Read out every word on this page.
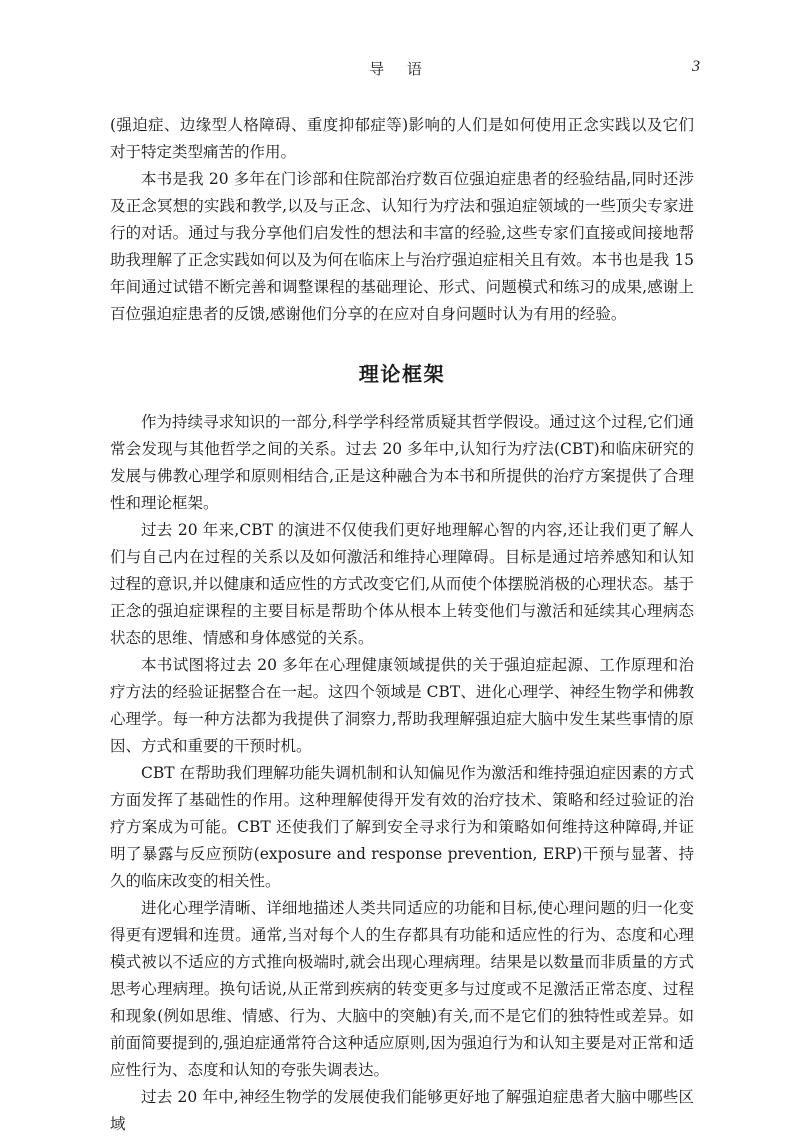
导 语	3

(强迫症、边缘型人格障碍、重度抑郁症等)影响的人们是如何使用正念实践以及它们对于特定类型痛苦的作用。

本书是我 20 多年在门诊部和住院部治疗数百位强迫症患者的经验结晶,同时还涉及正念冥想的实践和教学,以及与正念、认知行为疗法和强迫症领域的一些顶尖专家进行的对话。通过与我分享他们启发性的想法和丰富的经验,这些专家们直接或间接地帮助我理解了正念实践如何以及为何在临床上与治疗强迫症相关且有效。本书也是我 15 年间通过试错不断完善和调整课程的基础理论、形式、问题模式和练习的成果,感谢上百位强迫症患者的反馈,感谢他们分享的在应对自身问题时认为有用的经验。

理论框架

作为持续寻求知识的一部分,科学学科经常质疑其哲学假设。通过这个过程,它们通常会发现与其他哲学之间的关系。过去 20 多年中,认知行为疗法(CBT)和临床研究的发展与佛教心理学和原则相结合,正是这种融合为本书和所提供的治疗方案提供了合理性和理论框架。

过去 20 年来,CBT 的演进不仅使我们更好地理解心智的内容,还让我们更了解人们与自己内在过程的关系以及如何激活和维持心理障碍。目标是通过培养感知和认知过程的意识,并以健康和适应性的方式改变它们,从而使个体摆脱消极的心理状态。基于正念的强迫症课程的主要目标是帮助个体从根本上转变他们与激活和延续其心理病态状态的思维、情感和身体感觉的关系。

本书试图将过去 20 多年在心理健康领域提供的关于强迫症起源、工作原理和治疗方法的经验证据整合在一起。这四个领域是 CBT、进化心理学、神经生物学和佛教心理学。每一种方法都为我提供了洞察力,帮助我理解强迫症大脑中发生某些事情的原因、方式和重要的干预时机。

CBT 在帮助我们理解功能失调机制和认知偏见作为激活和维持强迫症因素的方式方面发挥了基础性的作用。这种理解使得开发有效的治疗技术、策略和经过验证的治疗方案成为可能。CBT 还使我们了解到安全寻求行为和策略如何维持这种障碍,并证明了暴露与反应预防(exposure and response prevention, ERP)干预与显著、持久的临床改变的相关性。

进化心理学清晰、详细地描述人类共同适应的功能和目标,使心理问题的归一化变得更有逻辑和连贯。通常,当对每个人的生存都具有功能和适应性的行为、态度和心理模式被以不适应的方式推向极端时,就会出现心理病理。结果是以数量而非质量的方式思考心理病理。换句话说,从正常到疾病的转变更多与过度或不足激活正常态度、过程和现象(例如思维、情感、行为、大脑中的突触)有关,而不是它们的独特性或差异。如前面简要提到的,强迫症通常符合这种适应原则,因为强迫行为和认知主要是对正常和适应性行为、态度和认知的夸张失调表达。

过去 20 年中,神经生物学的发展使我们能够更好地了解强迫症患者大脑中哪些区域
